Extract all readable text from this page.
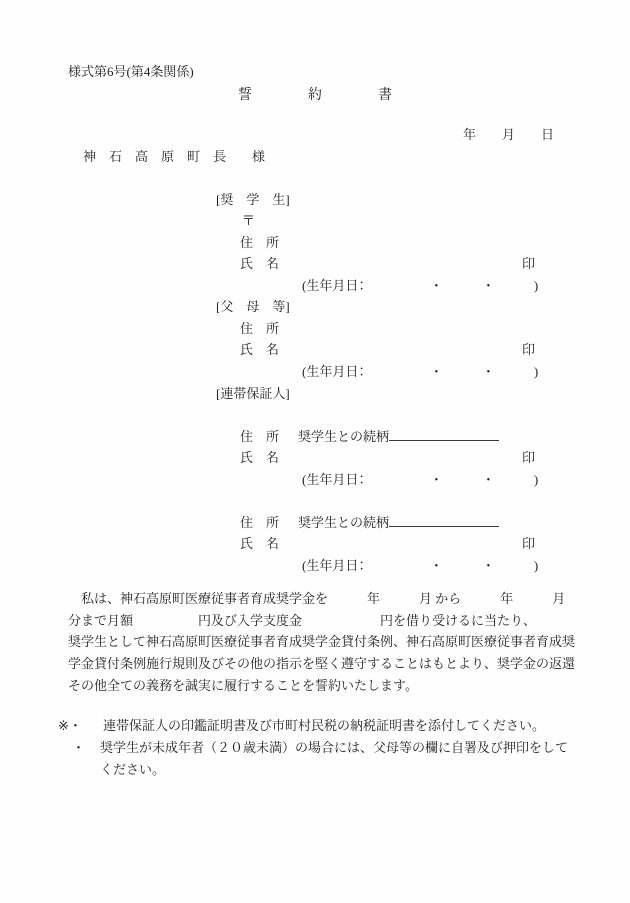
様式第6号(第4条関係)
誓　　　　約　　　　書
年　　月　　日
神　石　高　原　町　長　　様
[奨　学　生]
〒
住　所
氏　名	印
(生年月日：　　　　　・　　　・　　　)
[父　母　等]
住　所
氏　名	印
(生年月日：　　　　　・　　　・　　　)
[連帯保証人]

奨学生との続柄

住　所
氏　名	印
(生年月日：　　　　　・　　　・　　　)

奨学生との続柄

住　所
氏　名	印
(生年月日：　　　　　・　　　・　　　)
　私は、神石高原町医療従事者育成奨学金を　　　年　　　月 から　　　年　　　月
分まで月額　　　　　円及び入学支度金　　　　　　円を借り受けるに当たり、
奨学生として神石高原町医療従事者育成奨学金貸付条例、神石高原町医療従事者育成奨
学金貸付条例施行規則及びその他の指示を堅く遵守することはもとより、奨学金の返還
その他全ての義務を誠実に履行することを誓約いたします。
※・	連帯保証人の印鑑証明書及び市町村民税の納税証明書を添付してください。
・	奨学生が未成年者（２０歳未満）の場合には、父母等の欄に自署及び押印をしてください。
